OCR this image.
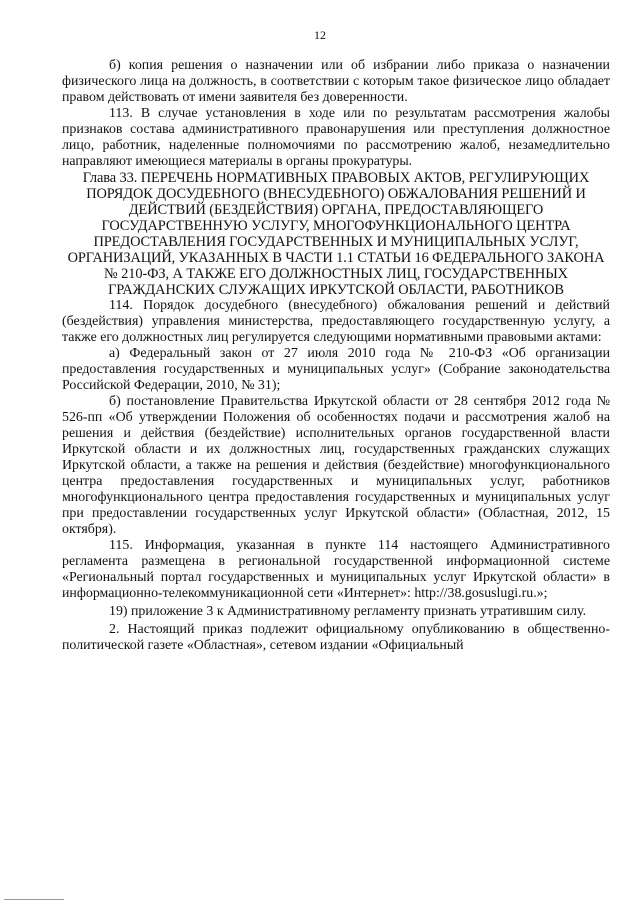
12

б) копия решения о назначении или об избрании либо приказа о назначении физического лица на должность, в соответствии с которым такое физическое лицо обладает правом действовать от имени заявителя без доверенности.

113. В случае установления в ходе или по результатам рассмотрения жалобы признаков состава административного правонарушения или преступления должностное лицо, работник, наделенные полномочиями по рассмотрению жалоб, незамедлительно направляют имеющиеся материалы в органы прокуратуры.

Глава 33. ПЕРЕЧЕНЬ НОРМАТИВНЫХ ПРАВОВЫХ АКТОВ, РЕГУЛИРУЮЩИХ ПОРЯДОК ДОСУДЕБНОГО (ВНЕСУДЕБНОГО) ОБЖАЛОВАНИЯ РЕШЕНИЙ И ДЕЙСТВИЙ (БЕЗДЕЙСТВИЯ) ОРГАНА, ПРЕДОСТАВЛЯЮЩЕГО ГОСУДАРСТВЕННУЮ УСЛУГУ, МНОГОФУНКЦИОНАЛЬНОГО ЦЕНТРА ПРЕДОСТАВЛЕНИЯ ГОСУДАРСТВЕННЫХ И МУНИЦИПАЛЬНЫХ УСЛУГ, ОРГАНИЗАЦИЙ, УКАЗАННЫХ В ЧАСТИ 1.1 СТАТЬИ 16 ФЕДЕРАЛЬНОГО ЗАКОНА № 210-ФЗ, А ТАКЖЕ ЕГО ДОЛЖНОСТНЫХ ЛИЦ, ГОСУДАРСТВЕННЫХ ГРАЖДАНСКИХ СЛУЖАЩИХ ИРКУТСКОЙ ОБЛАСТИ, РАБОТНИКОВ

114. Порядок досудебного (внесудебного) обжалования решений и действий (бездействия) управления министерства, предоставляющего государственную услугу, а также его должностных лиц регулируется следующими нормативными правовыми актами:

а) Федеральный закон от 27 июля 2010 года № 210-ФЗ «Об организации предоставления государственных и муниципальных услуг» (Собрание законодательства Российской Федерации, 2010, № 31);

б) постановление Правительства Иркутской области от 28 сентября 2012 года № 526-пп «Об утверждении Положения об особенностях подачи и рассмотрения жалоб на решения и действия (бездействие) исполнительных органов государственной власти Иркутской области и их должностных лиц, государственных гражданских служащих Иркутской области, а также на решения и действия (бездействие) многофункционального центра предоставления государственных и муниципальных услуг, работников многофункционального центра предоставления государственных и муниципальных услуг при предоставлении государственных услуг Иркутской области» (Областная, 2012, 15 октября).

115. Информация, указанная в пункте 114 настоящего Административного регламента размещена в региональной государственной информационной системе «Региональный портал государственных и муниципальных услуг Иркутской области» в информационно-телекоммуникационной сети «Интернет»: http://38.gosuslugi.ru.»;

19) приложение 3 к Административному регламенту признать утратившим силу.

2. Настоящий приказ подлежит официальному опубликованию в общественно-политической газете «Областная», сетевом издании «Официальный
